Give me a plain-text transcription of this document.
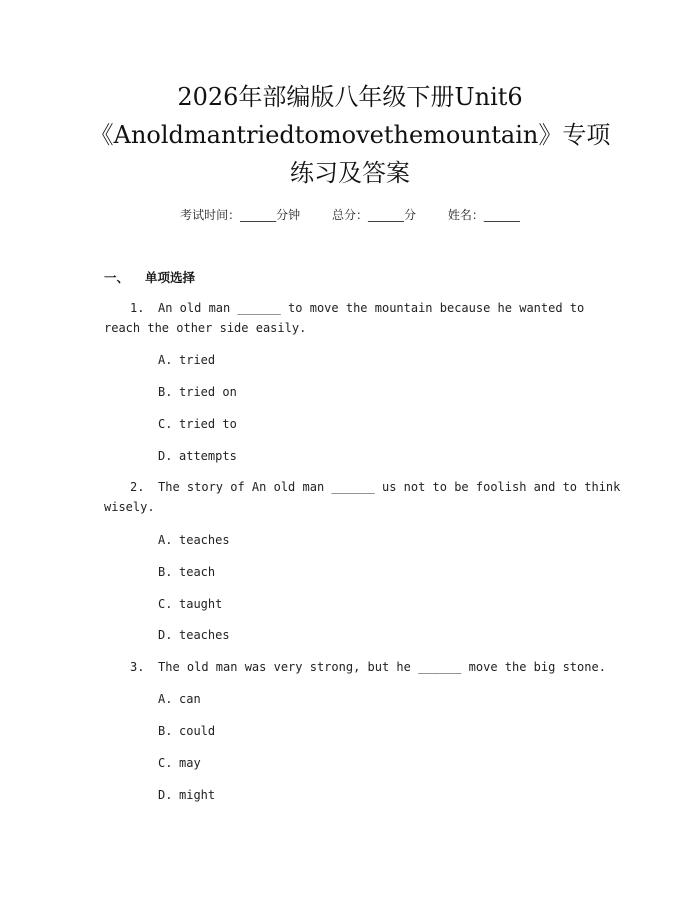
2026年部编版八年级下册Unit6
《Anoldmantriedtomovethemountain》专项
练习及答案
考试时间：______分钟	总分：______分	姓名：______
一、 单项选择
1. An old man ______ to move the mountain because he wanted to
reach the other side easily.
A. tried
B. tried on
C. tried to
D. attempts
2. The story of An old man ______ us not to be foolish and to think
wisely.
A. teaches
B. teach
C. taught
D. teaches
3. The old man was very strong, but he ______ move the big stone.
A. can
B. could
C. may
D. might
